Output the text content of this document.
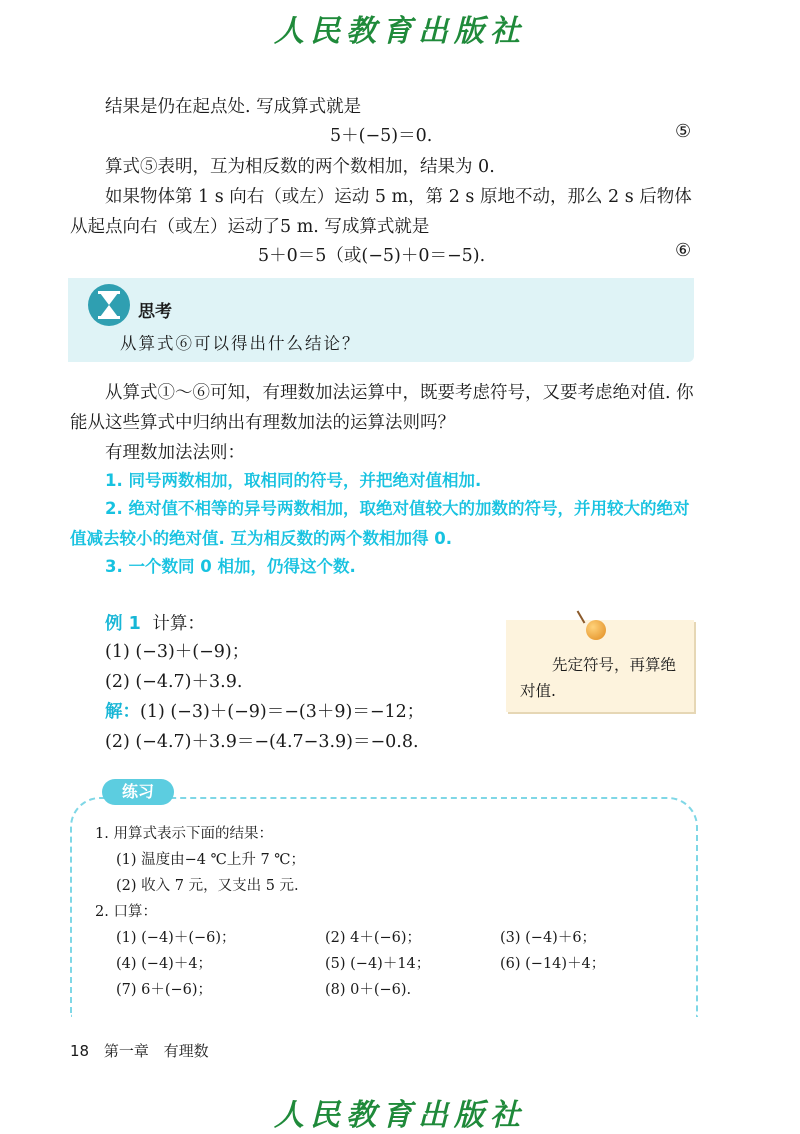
人民教育出版社
结果是仍在起点处. 写成算式就是
5＋(−5)＝0.	⑤
算式⑤表明，互为相反数的两个数相加，结果为 0.
如果物体第 1 s 向右（或左）运动 5 m，第 2 s 原地不动，那么 2 s 后物体从起点向右（或左）运动了5 m. 写成算式就是
5＋0＝5（或(−5)＋0＝−5).	⑥
思考
从算式⑥可以得出什么结论？
从算式①～⑥可知，有理数加法运算中，既要考虑符号，又要考虑绝对值. 你能从这些算式中归纳出有理数加法的运算法则吗？
有理数加法法则：
1. 同号两数相加，取相同的符号，并把绝对值相加.
2. 绝对值不相等的异号两数相加，取绝对值较大的加数的符号，并用较大的绝对值减去较小的绝对值. 互为相反数的两个数相加得 0.
3. 一个数同 0 相加，仍得这个数.
例 1 计算：
(1) (−3)＋(−9)；
(2) (−4.7)＋3.9.
解：(1) (−3)＋(−9)＝−(3＋9)＝−12；
(2) (−4.7)＋3.9＝−(4.7−3.9)＝−0.8.
先定符号，再算绝对值.
练习
1. 用算式表示下面的结果：
(1) 温度由−4 ℃上升 7 ℃；
(2) 收入 7 元，又支出 5 元.
2. 口算：
(1) (−4)＋(−6)；	(2) 4＋(−6)；	(3) (−4)＋6；
(4) (−4)＋4；	(5) (−4)＋14；	(6) (−14)＋4；
(7) 6＋(−6)；	(8) 0＋(−6).
18 第一章 有理数
人民教育出版社
